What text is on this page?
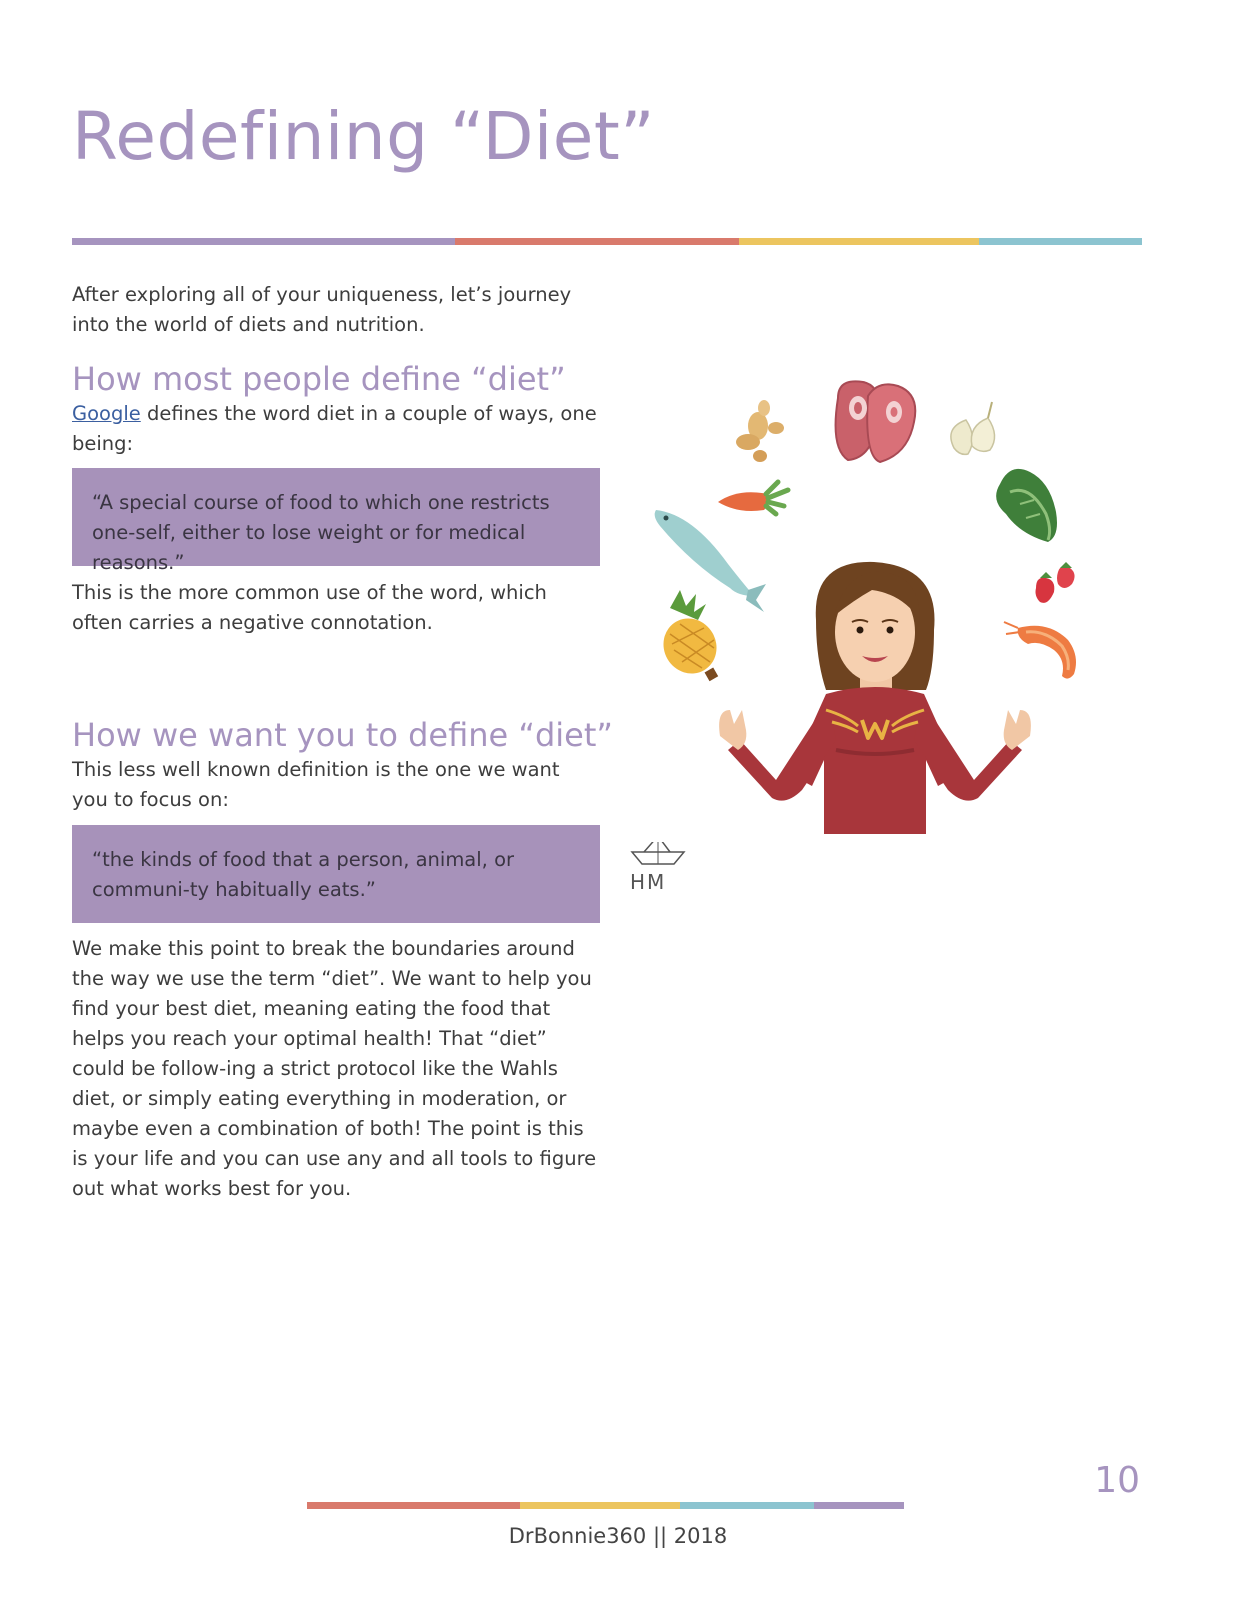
Redefining “Diet”

After exploring all of your uniqueness, let’s journey into the world of diets and nutrition.

How most people define “diet”

Google defines the word diet in a couple of ways, one being:

“A special course of food to which one restricts one-self, either to lose weight or for medical reasons.”

This is the more common use of the word, which often carries a negative connotation.

How we want you to define “diet”

This less well known definition is the one we want you to focus on:

“the kinds of food that a person, animal, or communi-ty habitually eats.”

We make this point to break the boundaries around the way we use the term “diet”. We want to help you find your best diet, meaning eating the food that helps you reach your optimal health! That “diet” could be follow-ing a strict protocol like the Wahls diet, or simply eating everything in moderation, or maybe even a combination of both! The point is this is your life and you can use any and all tools to figure out what works best for you.

HM
10
DrBonnie360 || 2018
